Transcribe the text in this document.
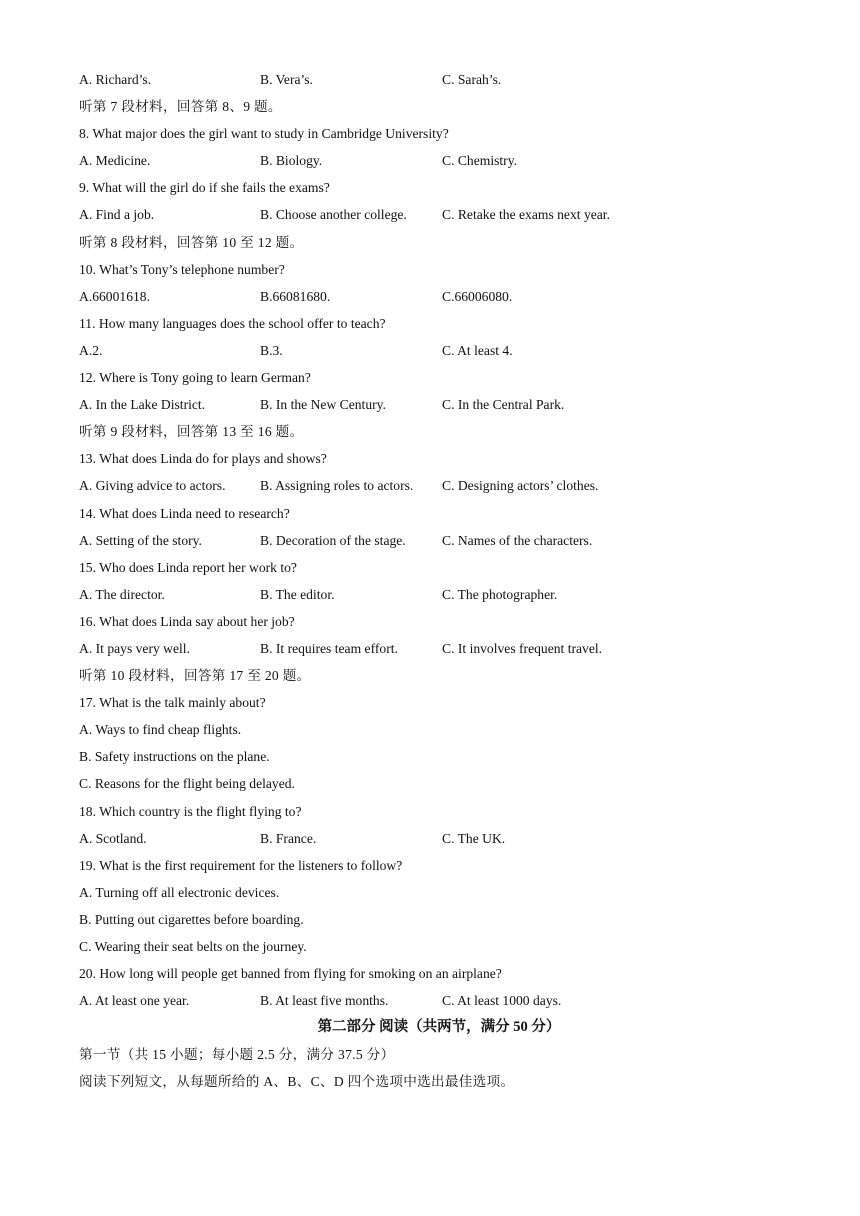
A. Richard’s.	B. Vera’s.	C. Sarah’s.
听第 7 段材料，回答第 8、9 题。
8. What major does the girl want to study in Cambridge University?
A. Medicine.	B. Biology.	C. Chemistry.
9. What will the girl do if she fails the exams?
A. Find a job.	B. Choose another college.	C. Retake the exams next year.
听第 8 段材料，回答第 10 至 12 题。
10. What’s Tony’s telephone number?
A.66001618.	B.66081680.	C.66006080.
11. How many languages does the school offer to teach?
A.2.	B.3.	C. At least 4.
12. Where is Tony going to learn German?
A. In the Lake District.	B. In the New Century.	C. In the Central Park.
听第 9 段材料，回答第 13 至 16 题。
13. What does Linda do for plays and shows?
A. Giving advice to actors.	B. Assigning roles to actors. C. Designing actors’ clothes.
14. What does Linda need to research?
A. Setting of the story.	B. Decoration of the stage.	C. Names of the characters.
15. Who does Linda report her work to?
A. The director.	B. The editor.	C. The photographer.
16. What does Linda say about her job?
A. It pays very well.	B. It requires team effort.	C. It involves frequent travel.
听第 10 段材料，回答第 17 至 20 题。
17. What is the talk mainly about?
A. Ways to find cheap flights.
B. Safety instructions on the plane.
C. Reasons for the flight being delayed.
18. Which country is the flight flying to?
A. Scotland.	B. France.	C. The UK.
19. What is the first requirement for the listeners to follow?
A. Turning off all electronic devices.
B. Putting out cigarettes before boarding.
C. Wearing their seat belts on the journey.
20. How long will people get banned from flying for smoking on an airplane?
A. At least one year.	B. At least five months.	C. At least 1000 days.
第二部分 阅读（共两节，满分 50 分）
第一节（共 15 小题；每小题 2.5 分，满分 37.5 分）
阅读下列短文，从每题所给的 A、B、C、D 四个选项中选出最佳选项。
